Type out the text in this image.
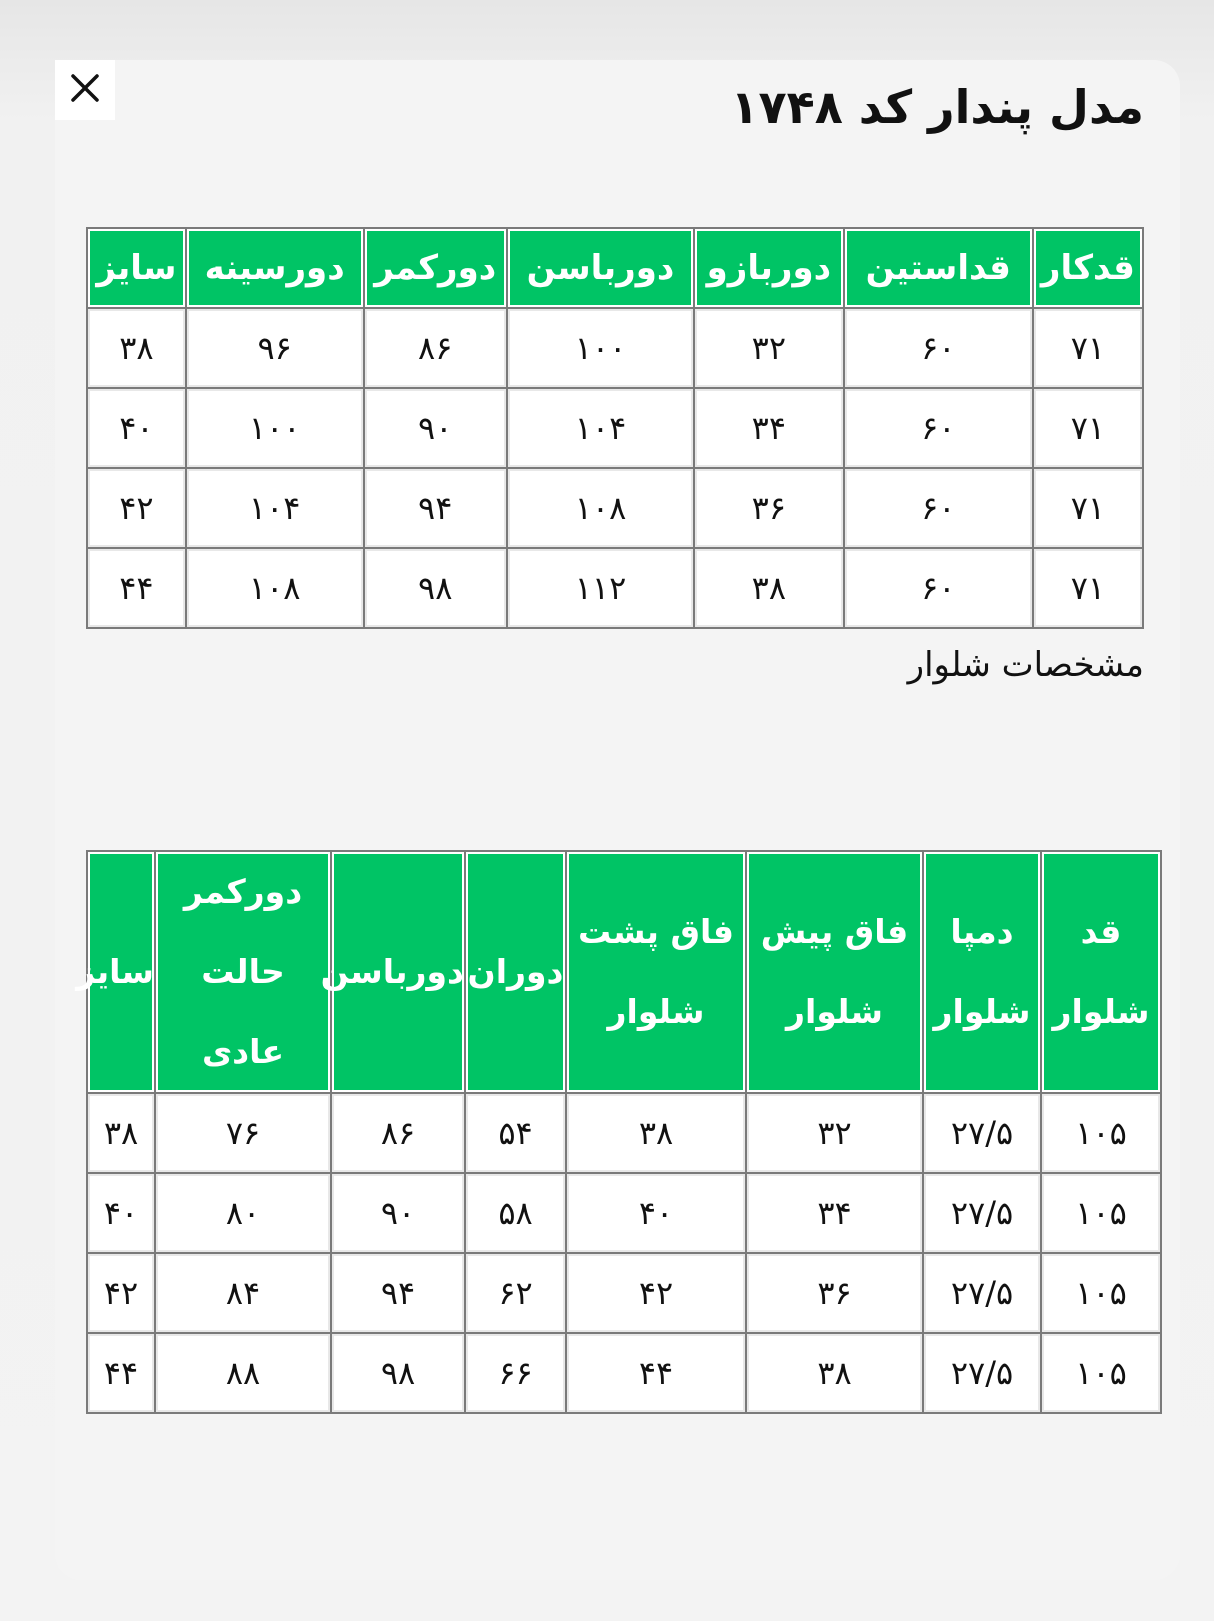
مدل پندار کد ۱۷۴۸
قدکار	قداستین	دوربازو	دورباسن	دورکمر	دورسینه	سایز
۷۱	۶۰	۳۲	۱۰۰	۸۶	۹۶	۳۸
۷۱	۶۰	۳۴	۱۰۴	۹۰	۱۰۰	۴۰
۷۱	۶۰	۳۶	۱۰۸	۹۴	۱۰۴	۴۲
۷۱	۶۰	۳۸	۱۱۲	۹۸	۱۰۸	۴۴

مشخصات شلوار

قد شلوار	دمپا شلوار	فاق پیش شلوار	فاق پشت شلوار	دوران	دورباسن	دورکمر حالت عادی	سایز
۱۰۵	۲۷/۵	۳۲	۳۸	۵۴	۸۶	۷۶	۳۸
۱۰۵	۲۷/۵	۳۴	۴۰	۵۸	۹۰	۸۰	۴۰
۱۰۵	۲۷/۵	۳۶	۴۲	۶۲	۹۴	۸۴	۴۲
۱۰۵	۲۷/۵	۳۸	۴۴	۶۶	۹۸	۸۸	۴۴
